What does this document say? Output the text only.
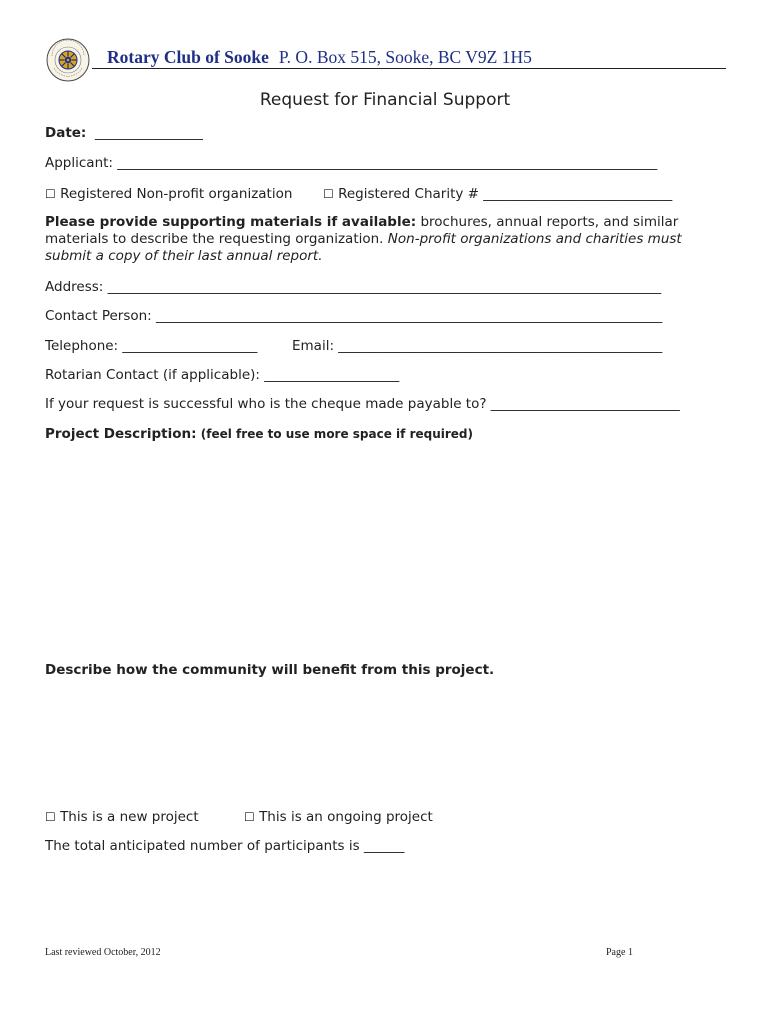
Rotary Club of Sooke P. O. Box 515, Sooke, BC V9Z 1H5
Request for Financial Support
Date: ________________
Applicant: ________________________________________________________________________________
☐ Registered Non-profit organization	☐ Registered Charity # ____________________________
Please provide supporting materials if available: brochures, annual reports, and similar materials to describe the requesting organization. Non-profit organizations and charities must submit a copy of their last annual report.
Address: __________________________________________________________________________________
Contact Person: ___________________________________________________________________________
Telephone: ____________________	Email: ________________________________________________
Rotarian Contact (if applicable): ____________________
If your request is successful who is the cheque made payable to? ____________________________
Project Description: (feel free to use more space if required)
Describe how the community will benefit from this project.
☐ This is a new project	☐ This is an ongoing project
The total anticipated number of participants is ______
Last reviewed October, 2012	Page 1
